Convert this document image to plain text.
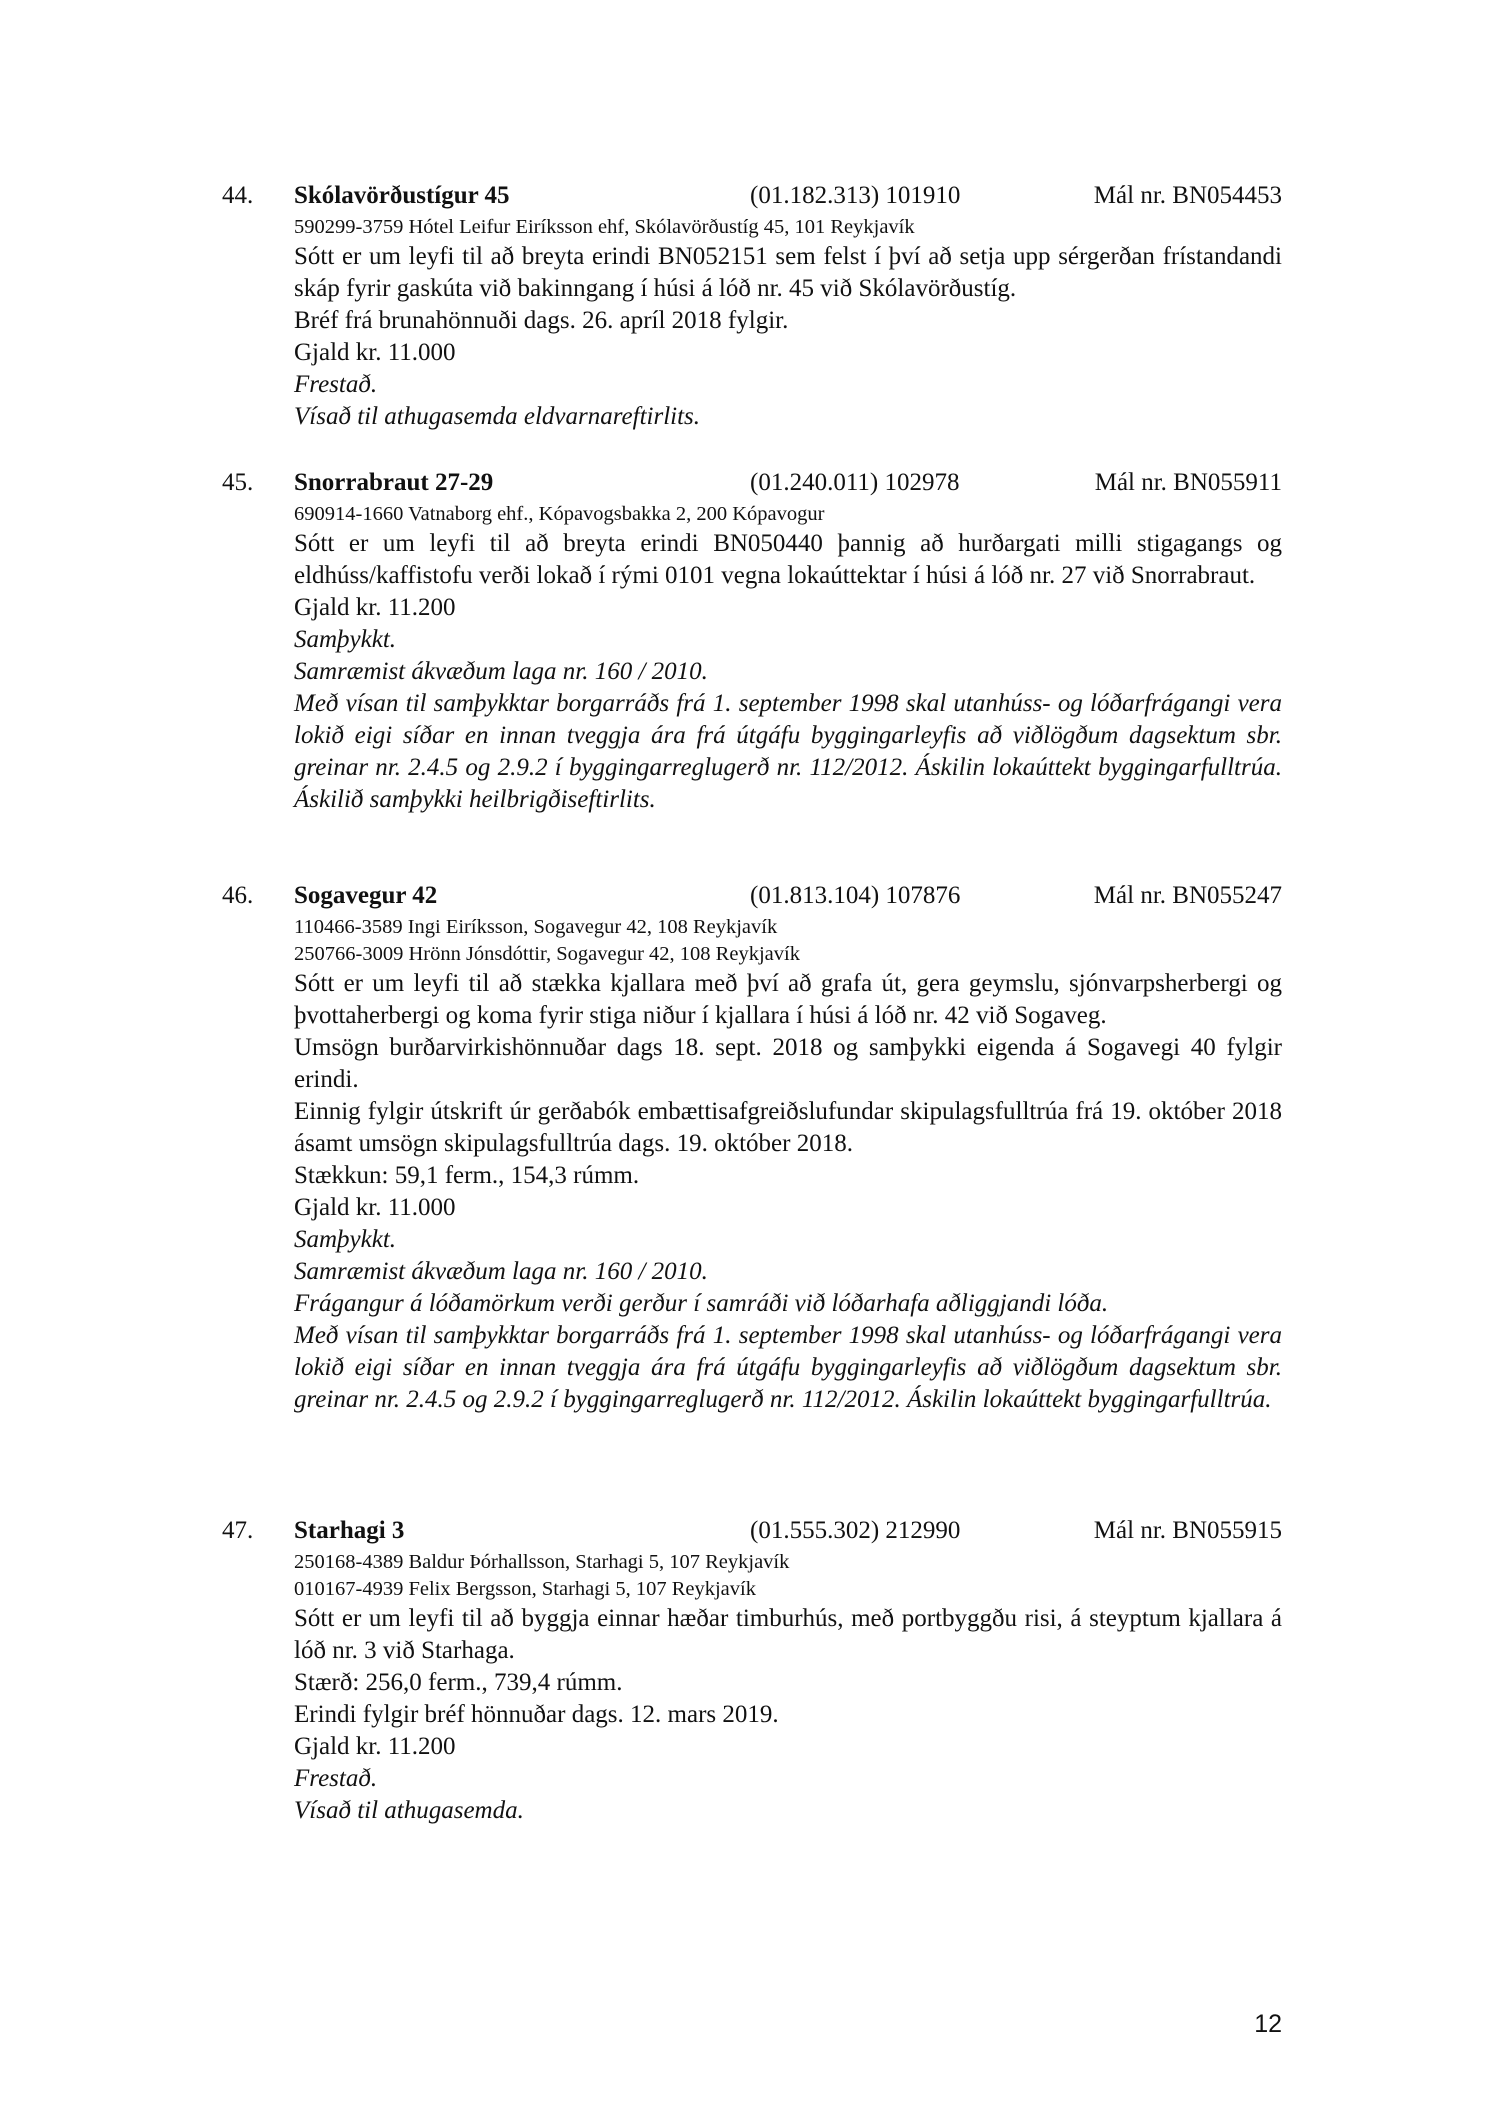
44. Skólavörðustígur 45	(01.182.313) 101910	Mál nr. BN054453
590299-3759 Hótel Leifur Eiríksson ehf, Skólavörðustíg 45, 101 Reykjavík
Sótt er um leyfi til að breyta erindi BN052151 sem felst í því að setja upp sérgerðan frístandandi skáp fyrir gaskúta við bakinngang í húsi á lóð nr. 45 við Skólavörðustíg.
Bréf frá brunahönnuði dags. 26. apríl 2018 fylgir.
Gjald kr. 11.000
Frestað.
Vísað til athugasemda eldvarnareftirlits.
45. Snorrabraut 27-29	(01.240.011) 102978	Mál nr. BN055911
690914-1660 Vatnaborg ehf., Kópavogsbakka 2, 200 Kópavogur
Sótt er um leyfi til að breyta erindi BN050440 þannig að hurðargati milli stigagangs og eldhúss/kaffistofu verði lokað í rými 0101 vegna lokaúttektar í húsi á lóð nr. 27 við Snorrabraut.
Gjald kr. 11.200
Samþykkt.
Samræmist ákvæðum laga nr. 160 / 2010.
Með vísan til samþykktar borgarráðs frá 1. september 1998 skal utanhúss- og lóðarfrágangi vera lokið eigi síðar en innan tveggja ára frá útgáfu byggingarleyfis að viðlögðum dagsektum sbr. greinar nr. 2.4.5 og 2.9.2 í byggingarreglugerð nr. 112/2012. Áskilin lokaúttekt byggingarfulltrúa. Áskilið samþykki heilbrigðiseftirlits.
46. Sogavegur 42	(01.813.104) 107876	Mál nr. BN055247
110466-3589 Ingi Eiríksson, Sogavegur 42, 108 Reykjavík
250766-3009 Hrönn Jónsdóttir, Sogavegur 42, 108 Reykjavík
Sótt er um leyfi til að stækka kjallara með því að grafa út, gera geymslu, sjónvarpsherbergi og þvottaherbergi og koma fyrir stiga niður í kjallara í húsi á lóð nr. 42 við Sogaveg.
Umsögn burðarvirkishönnuðar dags 18. sept. 2018 og samþykki eigenda á Sogavegi 40 fylgir erindi.
Einnig fylgir útskrift úr gerðabók embættisafgreiðslufundar skipulagsfulltrúa frá 19. október 2018 ásamt umsögn skipulagsfulltrúa dags. 19. október 2018.
Stækkun: 59,1 ferm., 154,3 rúmm.
Gjald kr. 11.000
Samþykkt.
Samræmist ákvæðum laga nr. 160 / 2010.
Frágangur á lóðamörkum verði gerður í samráði við lóðarhafa aðliggjandi lóða.
Með vísan til samþykktar borgarráðs frá 1. september 1998 skal utanhúss- og lóðarfrágangi vera lokið eigi síðar en innan tveggja ára frá útgáfu byggingarleyfis að viðlögðum dagsektum sbr. greinar nr. 2.4.5 og 2.9.2 í byggingarreglugerð nr. 112/2012. Áskilin lokaúttekt byggingarfulltrúa.
47. Starhagi 3	(01.555.302) 212990	Mál nr. BN055915
250168-4389 Baldur Þórhallsson, Starhagi 5, 107 Reykjavík
010167-4939 Felix Bergsson, Starhagi 5, 107 Reykjavík
Sótt er um leyfi til að byggja einnar hæðar timburhús, með portbyggðu risi, á steyptum kjallara á lóð nr. 3 við Starhaga.
Stærð: 256,0 ferm., 739,4 rúmm.
Erindi fylgir bréf hönnuðar dags. 12. mars 2019.
Gjald kr. 11.200
Frestað.
Vísað til athugasemda.
12
